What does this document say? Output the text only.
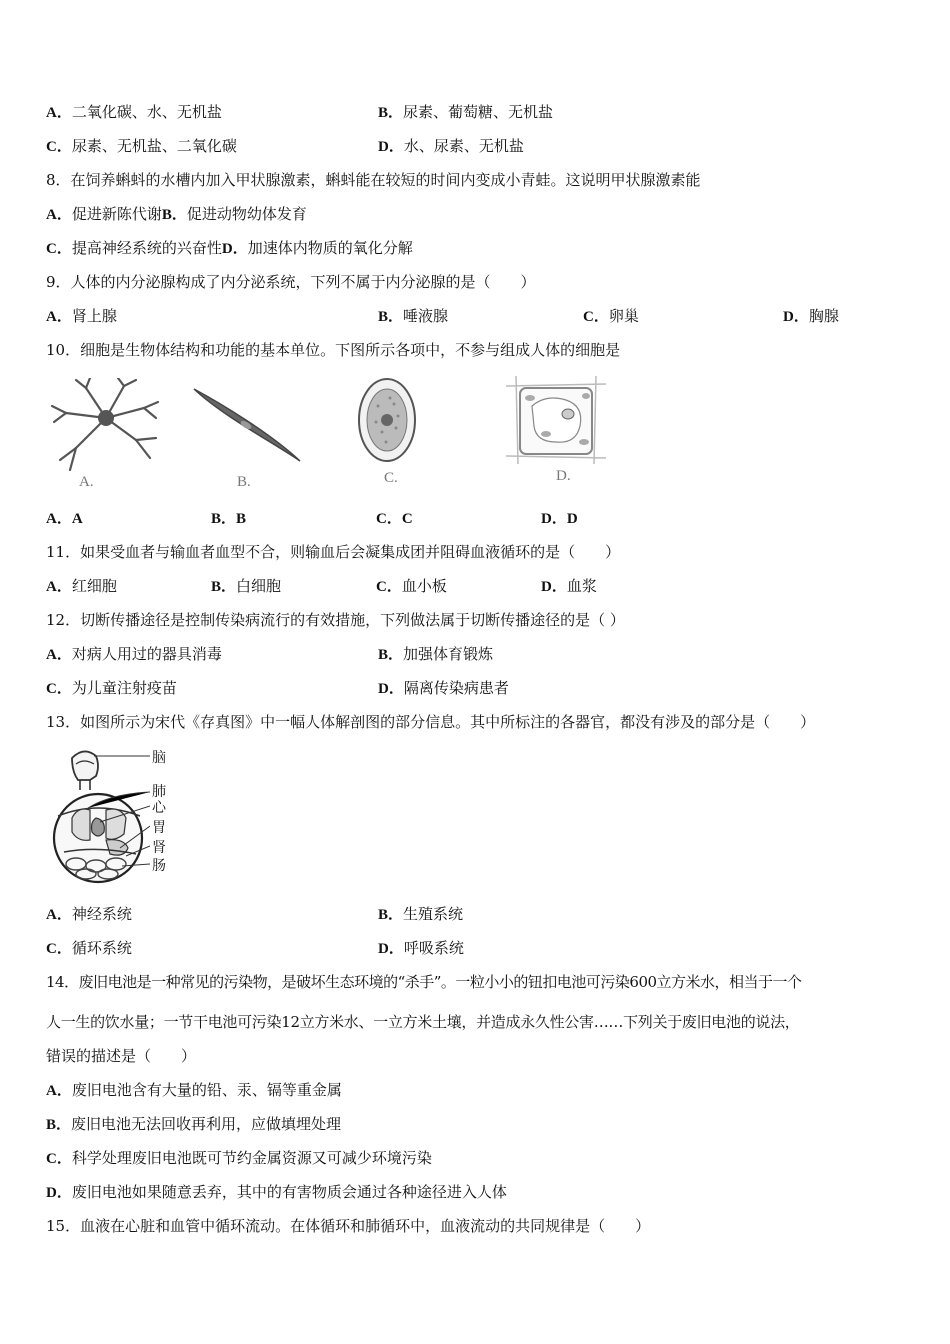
A．二氧化碳、水、无机盐	B．尿素、葡萄糖、无机盐
C．尿素、无机盐、二氧化碳	D．水、尿素、无机盐
8．在饲养蝌蚪的水槽内加入甲状腺激素，蝌蚪能在较短的时间内变成小青蛙。这说明甲状腺激素能
A．促进新陈代谢B．促进动物幼体发育
C．提高神经系统的兴奋性D．加速体内物质的氧化分解
9．人体的内分泌腺构成了内分泌系统，下列不属于内分泌腺的是（　　）
A．肾上腺	B．唾液腺	C．卵巢	D．胸腺
10．细胞是生物体结构和功能的基本单位。下图所示各项中，不参与组成人体的细胞是
A.	B.	C.	D.
A．A	B．B	C．C	D．D
11．如果受血者与输血者血型不合，则输血后会凝集成团并阻碍血液循环的是（　　）
A．红细胞	B．白细胞	C．血小板	D．血浆
12．切断传播途径是控制传染病流行的有效措施，下列做法属于切断传播途径的是（ ）
A．对病人用过的器具消毒	B．加强体育锻炼
C．为儿童注射疫苗	D．隔离传染病患者
13．如图所示为宋代《存真图》中一幅人体解剖图的部分信息。其中所标注的各器官，都没有涉及的部分是（　　）
脑
肺
心
胃
肾
肠
A．神经系统	B．生殖系统
C．循环系统	D．呼吸系统
14．废旧电池是一种常见的污染物，是破坏生态环境的“杀手”。一粒小小的钮扣电池可污染600立方米水，相当于一个
人一生的饮水量；一节干电池可污染12立方米水、一立方米土壤，并造成永久性公害……下列关于废旧电池的说法，
错误的描述是（　　）
A．废旧电池含有大量的铅、汞、镉等重金属
B．废旧电池无法回收再利用，应做填埋处理
C．科学处理废旧电池既可节约金属资源又可减少环境污染
D．废旧电池如果随意丢弃，其中的有害物质会通过各种途径进入人体
15．血液在心脏和血管中循环流动。在体循环和肺循环中，血液流动的共同规律是（　　）
